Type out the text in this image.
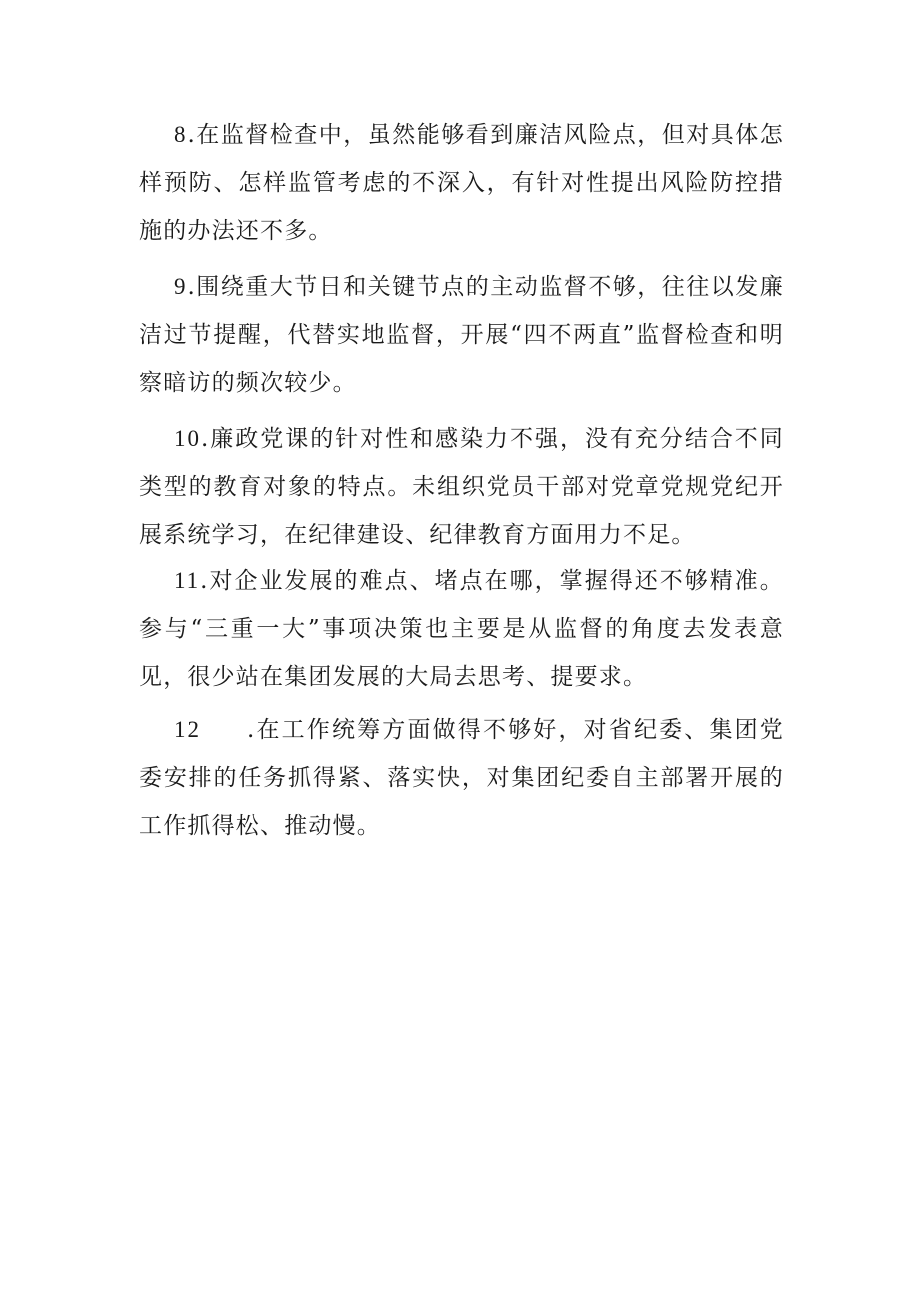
8.在监督检查中，虽然能够看到廉洁风险点，但对具体怎样预防、怎样监管考虑的不深入，有针对性提出风险防控措施的办法还不多。

9.围绕重大节日和关键节点的主动监督不够，往往以发廉洁过节提醒，代替实地监督，开展“四不两直”监督检查和明察暗访的频次较少。

10.廉政党课的针对性和感染力不强，没有充分结合不同类型的教育对象的特点。未组织党员干部对党章党规党纪开展系统学习，在纪律建设、纪律教育方面用力不足。

11.对企业发展的难点、堵点在哪，掌握得还不够精准。参与“三重一大”事项决策也主要是从监督的角度去发表意见，很少站在集团发展的大局去思考、提要求。

12 .在工作统筹方面做得不够好，对省纪委、集团党委安排的任务抓得紧、落实快，对集团纪委自主部署开展的工作抓得松、推动慢。
